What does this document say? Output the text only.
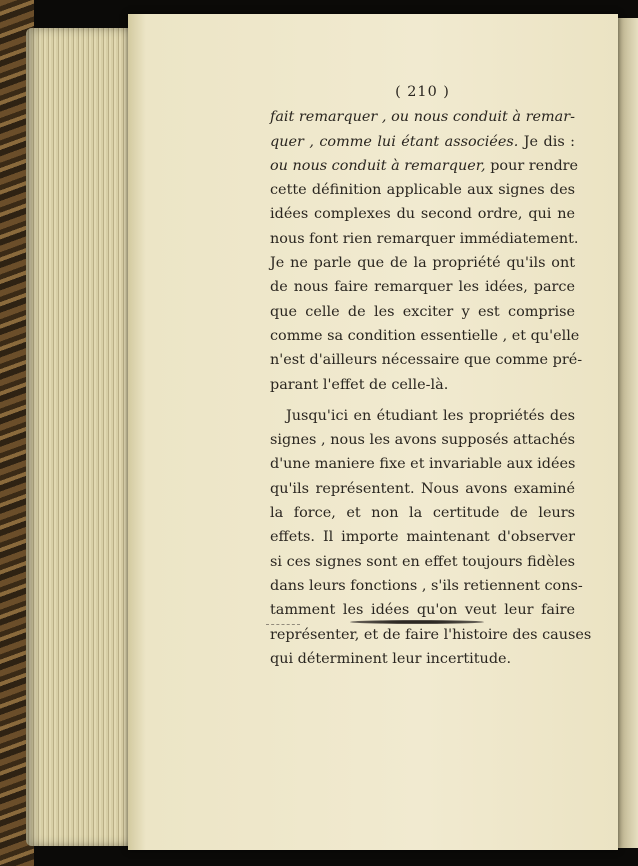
( 210 )
fait remarquer , ou nous conduit à remar-
quer , comme lui étant associées. Je dis :
ou nous conduit à remarquer, pour rendre
cette définition applicable aux signes des
idées complexes du second ordre, qui ne
nous font rien remarquer immédiatement.
Je ne parle que de la propriété qu'ils ont
de nous faire remarquer les idées, parce
que celle de les exciter y est comprise
comme sa condition essentielle , et qu'elle
n'est d'ailleurs nécessaire que comme pré-
parant l'effet de celle-là.
Jusqu'ici en étudiant les propriétés des
signes , nous les avons supposés attachés
d'une maniere fixe et invariable aux idées
qu'ils représentent. Nous avons examiné
la force, et non la certitude de leurs
effets. Il importe maintenant d'observer
si ces signes sont en effet toujours fidèles
dans leurs fonctions , s'ils retiennent cons-
tamment les idées qu'on veut leur faire
représenter, et de faire l'histoire des causes
qui déterminent leur incertitude.
